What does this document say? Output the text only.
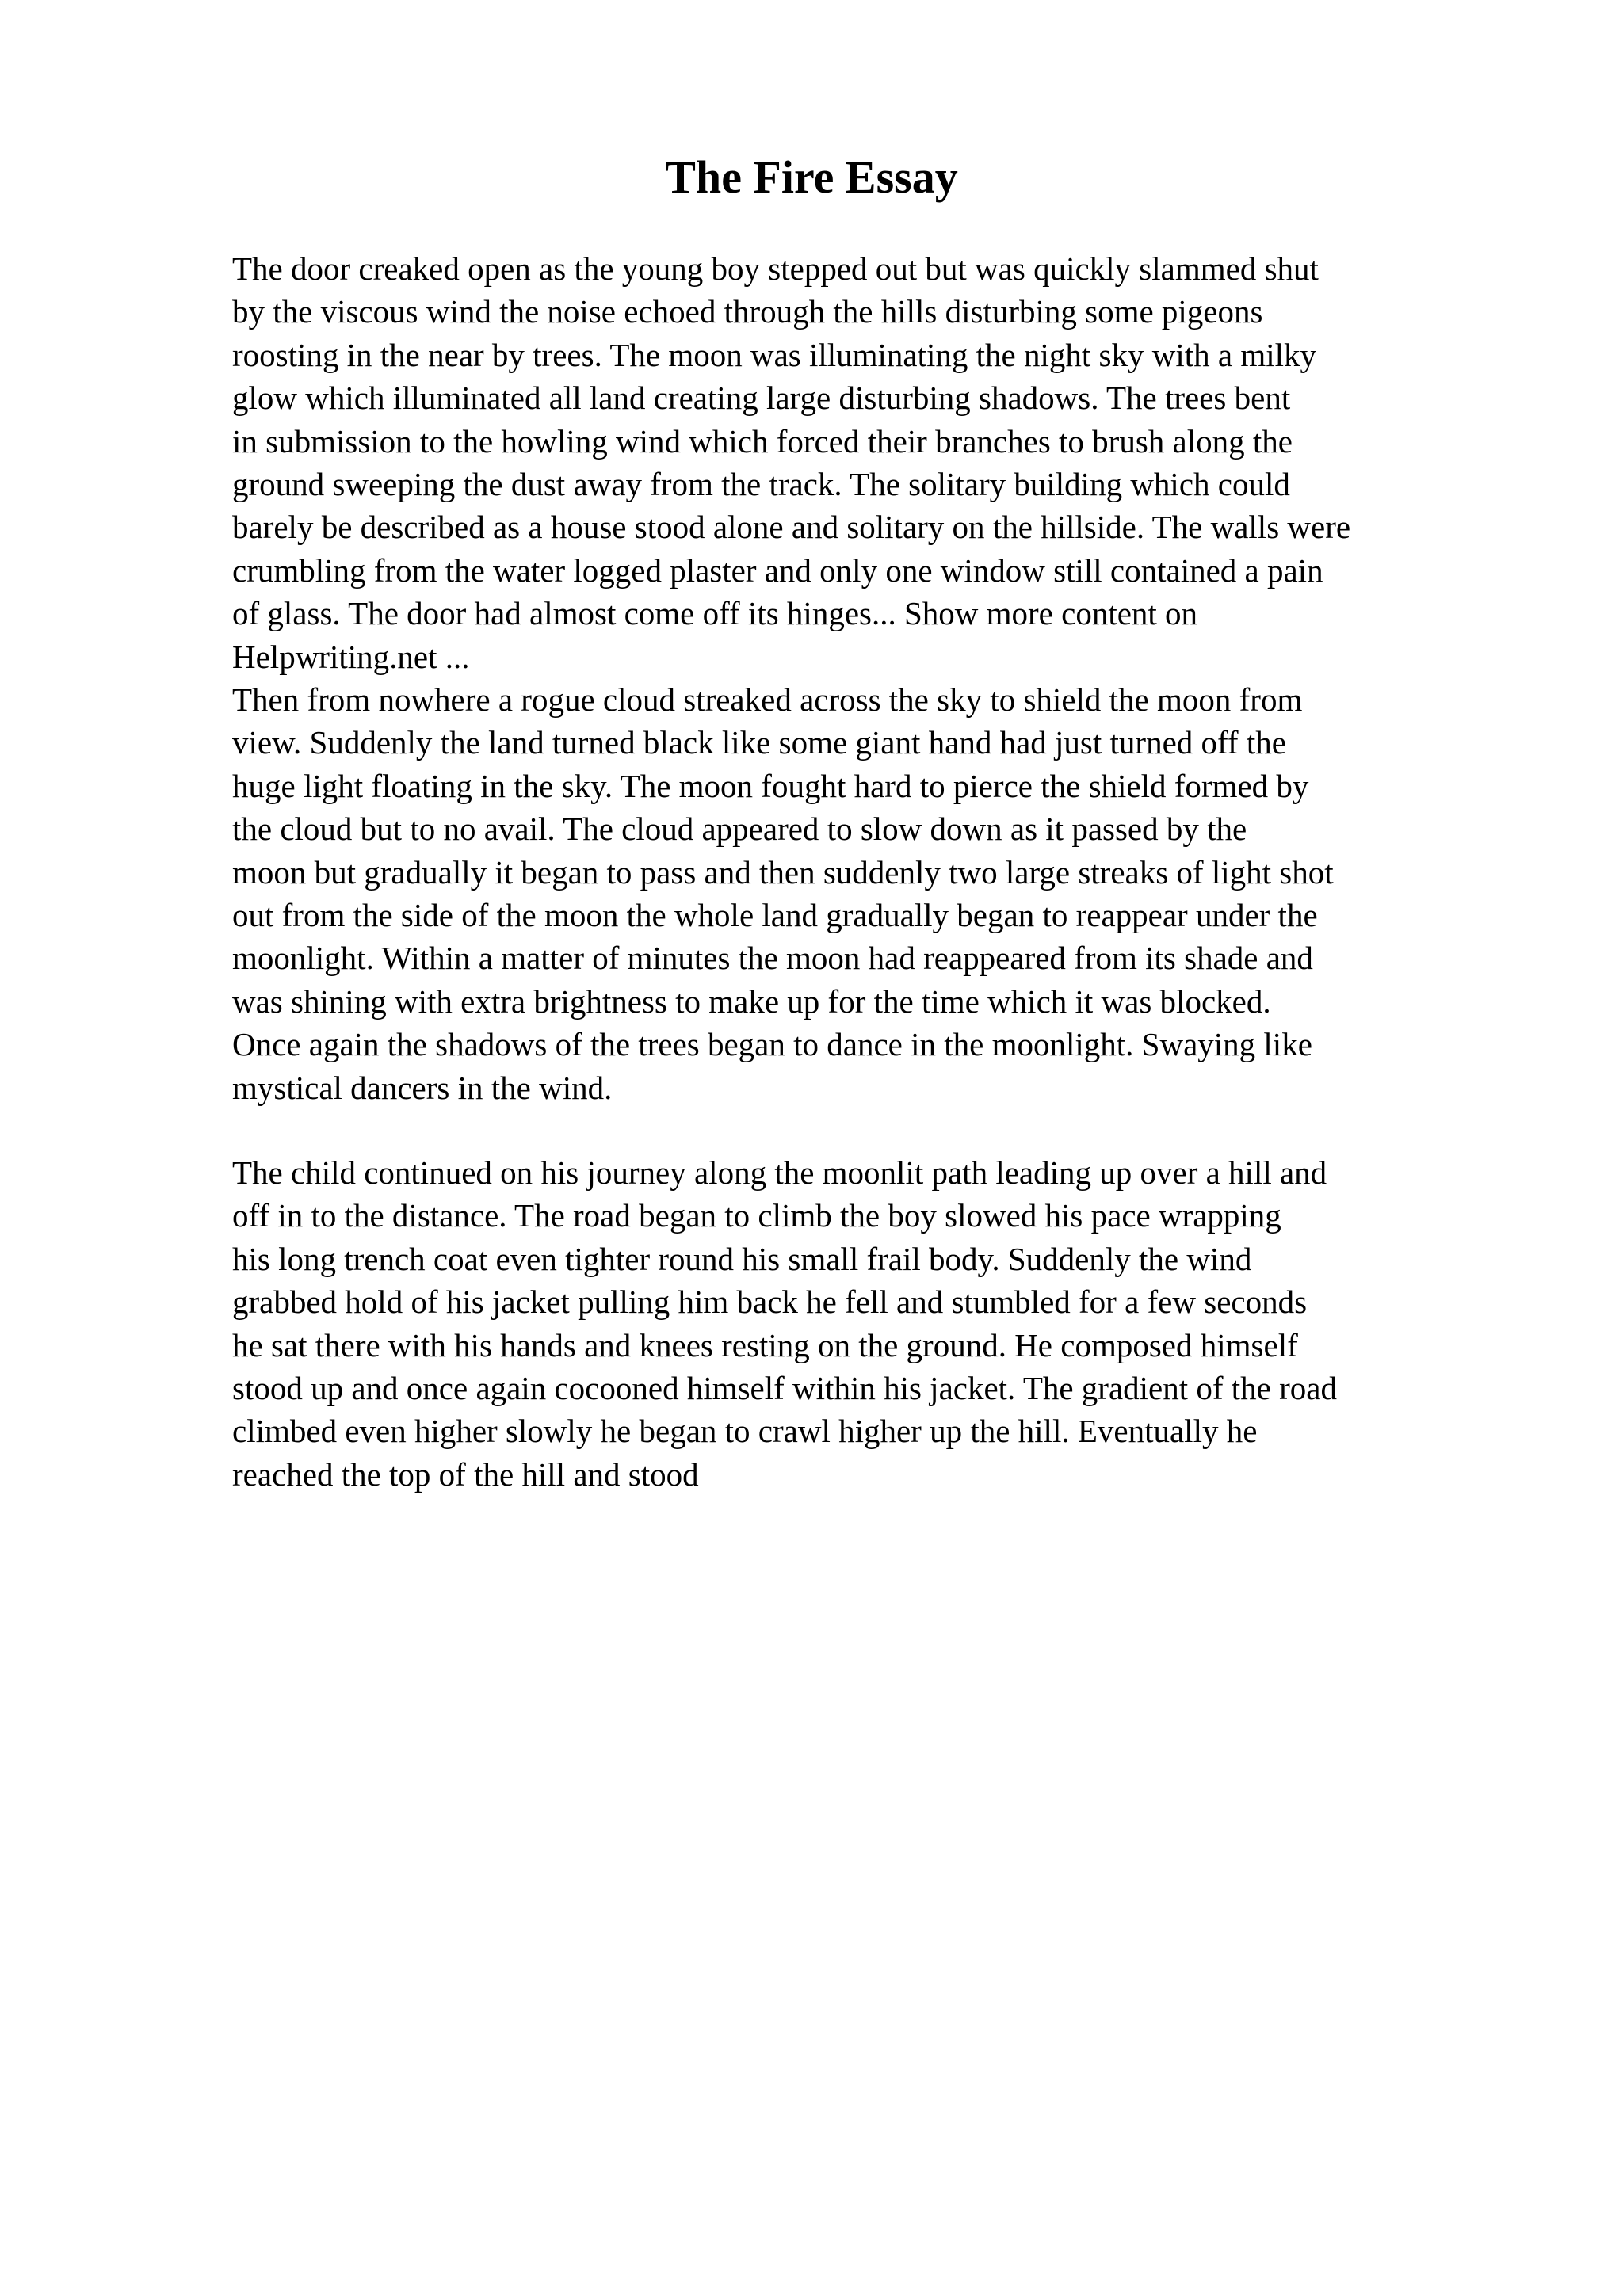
The Fire Essay
The door creaked open as the young boy stepped out but was quickly slammed shut
by the viscous wind the noise echoed through the hills disturbing some pigeons
roosting in the near by trees. The moon was illuminating the night sky with a milky
glow which illuminated all land creating large disturbing shadows. The trees bent
in submission to the howling wind which forced their branches to brush along the
ground sweeping the dust away from the track. The solitary building which could
barely be described as a house stood alone and solitary on the hillside. The walls were
crumbling from the water logged plaster and only one window still contained a pain
of glass. The door had almost come off its hinges... Show more content on
Helpwriting.net ...
Then from nowhere a rogue cloud streaked across the sky to shield the moon from
view. Suddenly the land turned black like some giant hand had just turned off the
huge light floating in the sky. The moon fought hard to pierce the shield formed by
the cloud but to no avail. The cloud appeared to slow down as it passed by the
moon but gradually it began to pass and then suddenly two large streaks of light shot
out from the side of the moon the whole land gradually began to reappear under the
moonlight. Within a matter of minutes the moon had reappeared from its shade and
was shining with extra brightness to make up for the time which it was blocked.
Once again the shadows of the trees began to dance in the moonlight. Swaying like
mystical dancers in the wind.
The child continued on his journey along the moonlit path leading up over a hill and
off in to the distance. The road began to climb the boy slowed his pace wrapping
his long trench coat even tighter round his small frail body. Suddenly the wind
grabbed hold of his jacket pulling him back he fell and stumbled for a few seconds
he sat there with his hands and knees resting on the ground. He composed himself
stood up and once again cocooned himself within his jacket. The gradient of the road
climbed even higher slowly he began to crawl higher up the hill. Eventually he
reached the top of the hill and stood
